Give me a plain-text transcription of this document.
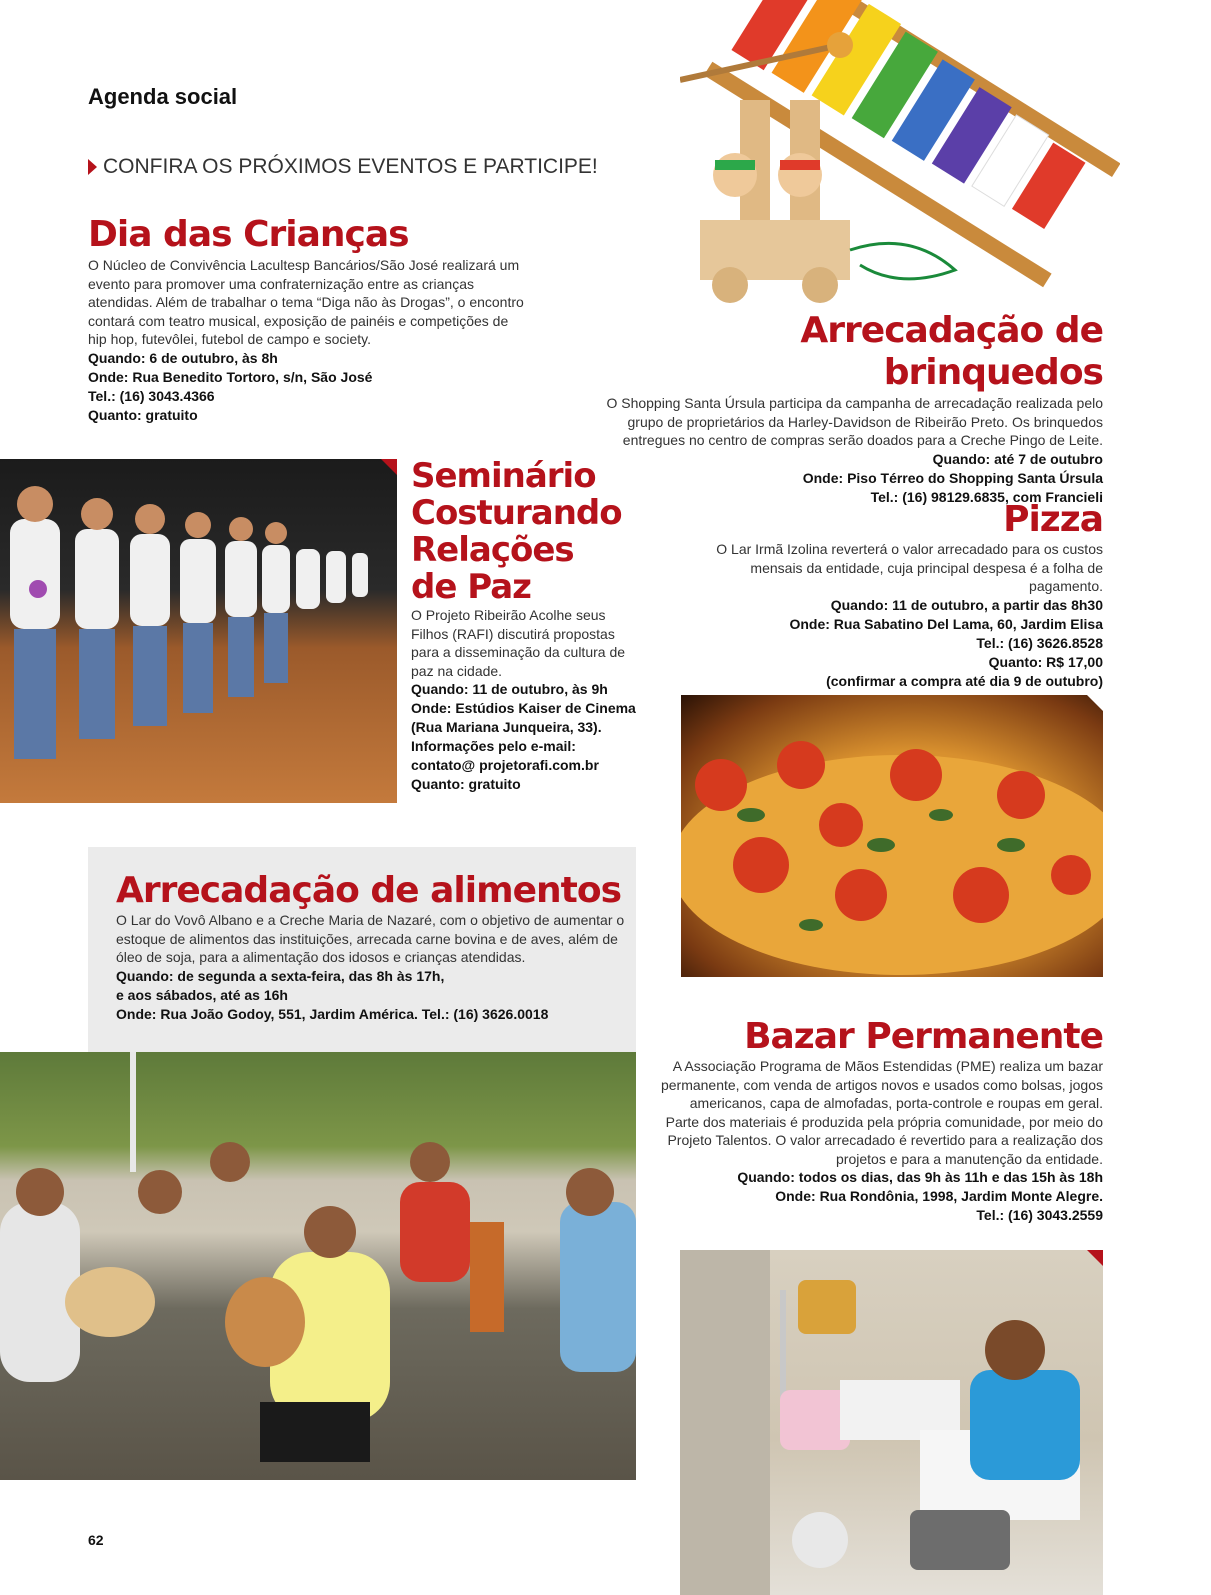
Agenda social
CONFIRA OS PRÓXIMOS EVENTOS E PARTICIPE!
Dia das Crianças

O Núcleo de Convivência Lacultesp Bancários/São José realizará um evento para promover uma confraternização entre as crianças atendidas. Além de trabalhar o tema “Diga não às Drogas”, o encontro contará com teatro musical, exposição de painéis e competições de hip hop, futevôlei, futebol de campo e society.

Quando: 6 de outubro, às 8h
Onde: Rua Benedito Tortoro, s/n, São José
Tel.: (16) 3043.4366
Quanto: gratuito
Arrecadação de brinquedos

O Shopping Santa Úrsula participa da campanha de arrecadação realizada pelo grupo de proprietários da Harley-Davidson de Ribeirão Preto. Os brinquedos entregues no centro de compras serão doados para a Creche Pingo de Leite.

Quando: até 7 de outubro
Onde: Piso Térreo do Shopping Santa Úrsula
Tel.: (16) 98129.6835, com Francieli
Seminário
Costurando
Relações
de Paz

O Projeto Ribeirão Acolhe seus Filhos (RAFI) discutirá propostas para a disseminação da cultura de paz na cidade.

Quando: 11 de outubro, às 9h
Onde: Estúdios Kaiser de Cinema (Rua Mariana Junqueira, 33). Informações pelo e-mail: contato@ projetorafi.com.br
Quanto: gratuito
Pizza

O Lar Irmã Izolina reverterá o valor arrecadado para os custos mensais da entidade, cuja principal despesa é a folha de pagamento.

Quando: 11 de outubro, a partir das 8h30
Onde: Rua Sabatino Del Lama, 60, Jardim Elisa
Tel.: (16) 3626.8528
Quanto: R$ 17,00
(confirmar a compra até dia 9 de outubro)
Arrecadação de alimentos

O Lar do Vovô Albano e a Creche Maria de Nazaré, com o objetivo de aumentar o estoque de alimentos das instituições, arrecada carne bovina e de aves, além de óleo de soja, para a alimentação dos idosos e crianças atendidas.

Quando: de segunda a sexta-feira, das 8h às 17h,
e aos sábados, até as 16h
Onde: Rua João Godoy, 551, Jardim América. Tel.: (16) 3626.0018
Bazar Permanente

A Associação Programa de Mãos Estendidas (PME) realiza um bazar permanente, com venda de artigos novos e usados como bolsas, jogos americanos, capa de almofadas, porta-controle e roupas em geral. Parte dos materiais é produzida pela própria comunidade, por meio do Projeto Talentos. O valor arrecadado é revertido para a realização dos projetos e para a manutenção da entidade.

Quando: todos os dias, das 9h às 11h e das 15h às 18h
Onde: Rua Rondônia, 1998, Jardim Monte Alegre.
Tel.: (16) 3043.2559
62
